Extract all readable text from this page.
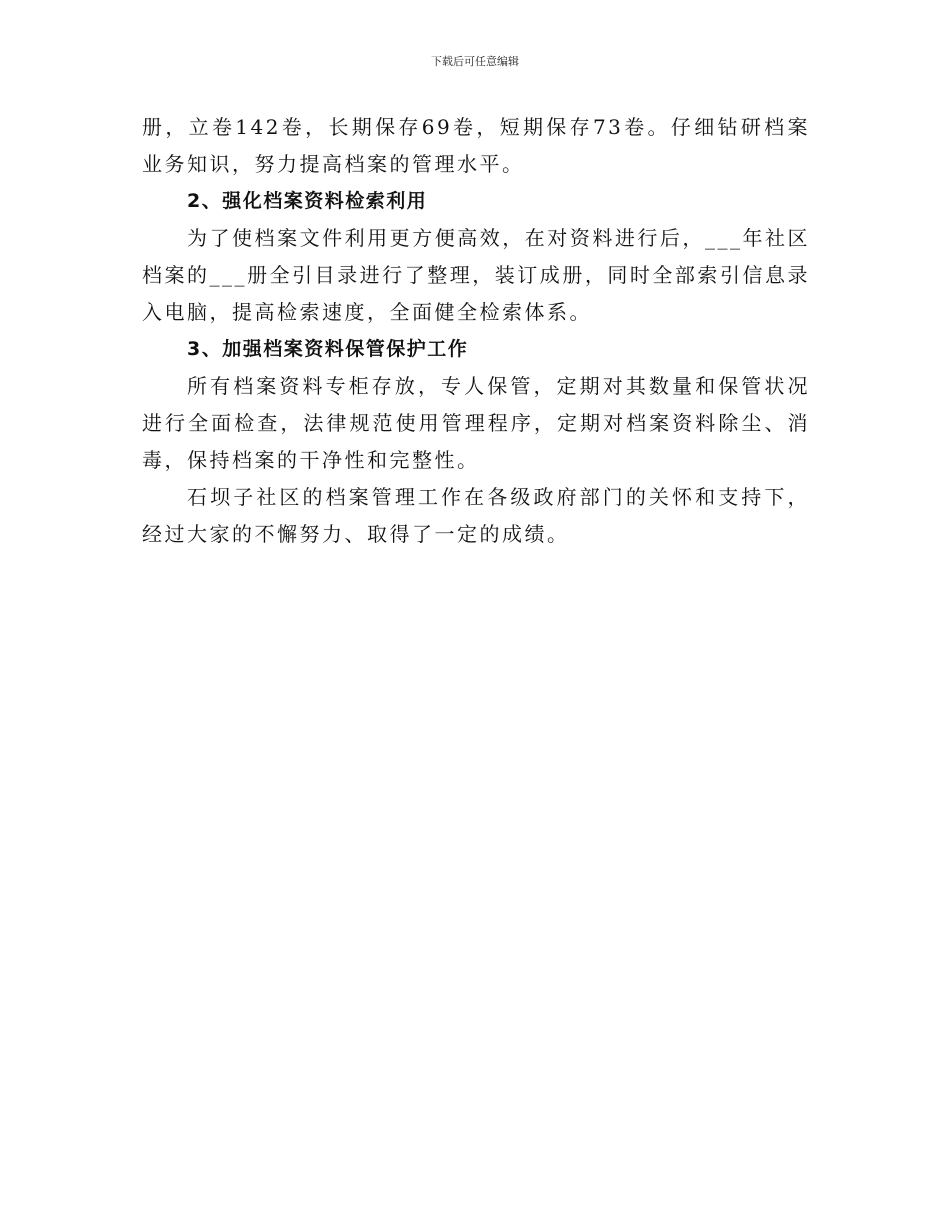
下载后可任意编辑

册，立卷142卷，长期保存69卷，短期保存73卷。仔细钻研档案业务知识，努力提高档案的管理水平。

2、强化档案资料检索利用

为了使档案文件利用更方便高效，在对资料进行后，___年社区档案的___册全引目录进行了整理，装订成册，同时全部索引信息录入电脑，提高检索速度，全面健全检索体系。

3、加强档案资料保管保护工作

所有档案资料专柜存放，专人保管，定期对其数量和保管状况进行全面检查，法律规范使用管理程序，定期对档案资料除尘、消毒，保持档案的干净性和完整性。

石坝子社区的档案管理工作在各级政府部门的关怀和支持下，经过大家的不懈努力、取得了一定的成绩。
